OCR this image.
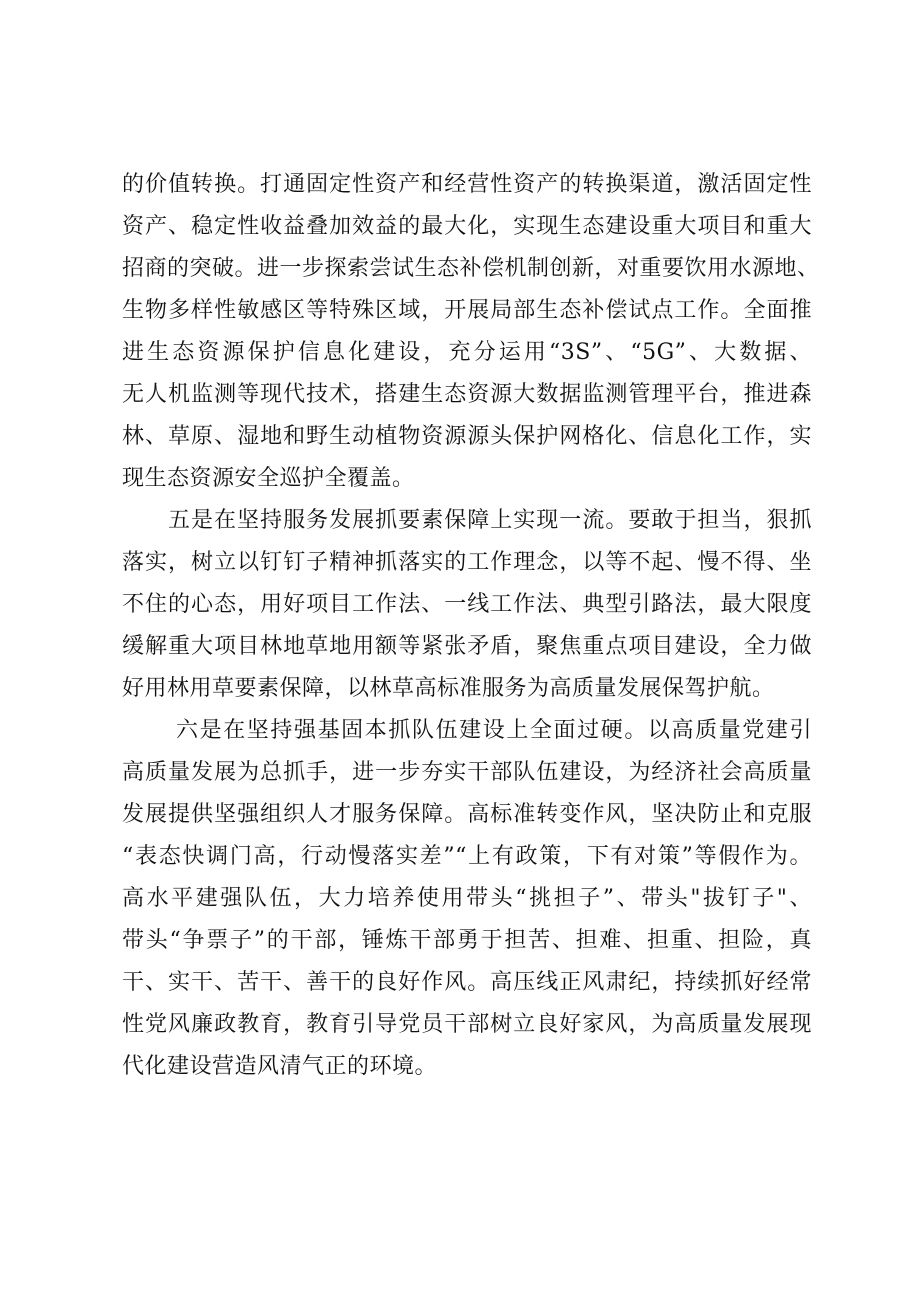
的价值转换。打通固定性资产和经营性资产的转换渠道，激活固定性
资产、稳定性收益叠加效益的最大化，实现生态建设重大项目和重大
招商的突破。进一步探索尝试生态补偿机制创新，对重要饮用水源地、
生物多样性敏感区等特殊区域，开展局部生态补偿试点工作。全面推
进生态资源保护信息化建设，充分运用“3S”、“5G”、大数据、
无人机监测等现代技术，搭建生态资源大数据监测管理平台，推进森
林、草原、湿地和野生动植物资源源头保护网格化、信息化工作，实
现生态资源安全巡护全覆盖。
五是在坚持服务发展抓要素保障上实现一流。要敢于担当，狠抓
落实，树立以钉钉子精神抓落实的工作理念，以等不起、慢不得、坐
不住的心态，用好项目工作法、一线工作法、典型引路法，最大限度
缓解重大项目林地草地用额等紧张矛盾，聚焦重点项目建设，全力做
好用林用草要素保障，以林草高标准服务为高质量发展保驾护航。
六是在坚持强基固本抓队伍建设上全面过硬。以高质量党建引
高质量发展为总抓手，进一步夯实干部队伍建设，为经济社会高质量
发展提供坚强组织人才服务保障。高标准转变作风，坚决防止和克服
“表态快调门高，行动慢落实差”“上有政策，下有对策”等假作为。
高水平建强队伍，大力培养使用带头“挑担子”、带头"拔钉子"、
带头“争票子”的干部，锤炼干部勇于担苦、担难、担重、担险，真
干、实干、苦干、善干的良好作风。高压线正风肃纪，持续抓好经常
性党风廉政教育，教育引导党员干部树立良好家风，为高质量发展现
代化建设营造风清气正的环境。
